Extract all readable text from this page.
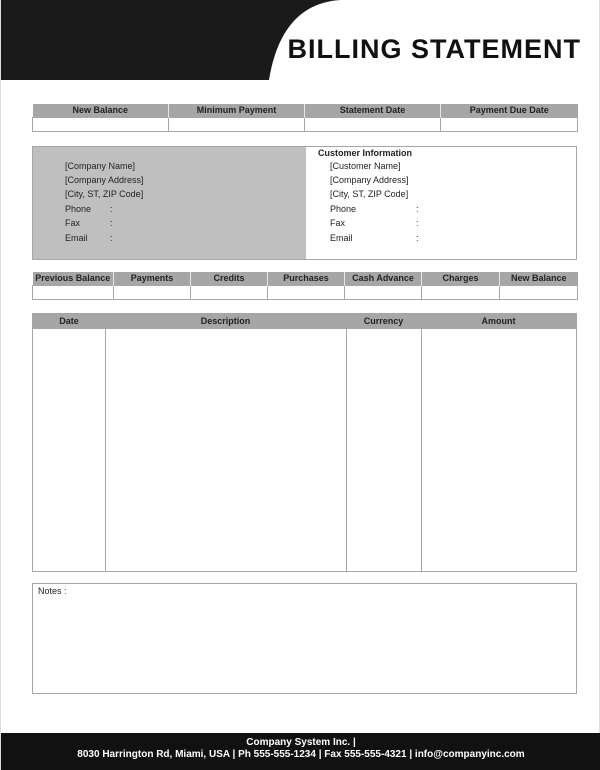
BILLING STATEMENT
New Balance	Minimum Payment	Statement Date	Payment Due Date

[Company Name]
[Company Address]
[City, ST, ZIP Code]
Phone :
Fax	:
Email :
Customer Information
[Customer Name]
[Company Address]
[City, ST, ZIP Code]
Phone	:
Fax	:
Email	:
Previous Balance	Payments	Credits	Purchases	Cash Advance	Charges	New Balance

Date	Description	Currency	Amount
Notes :
Company System Inc. |
8030 Harrington Rd, Miami, USA | Ph 555-555-1234 | Fax 555-555-4321 | info@companyinc.com
